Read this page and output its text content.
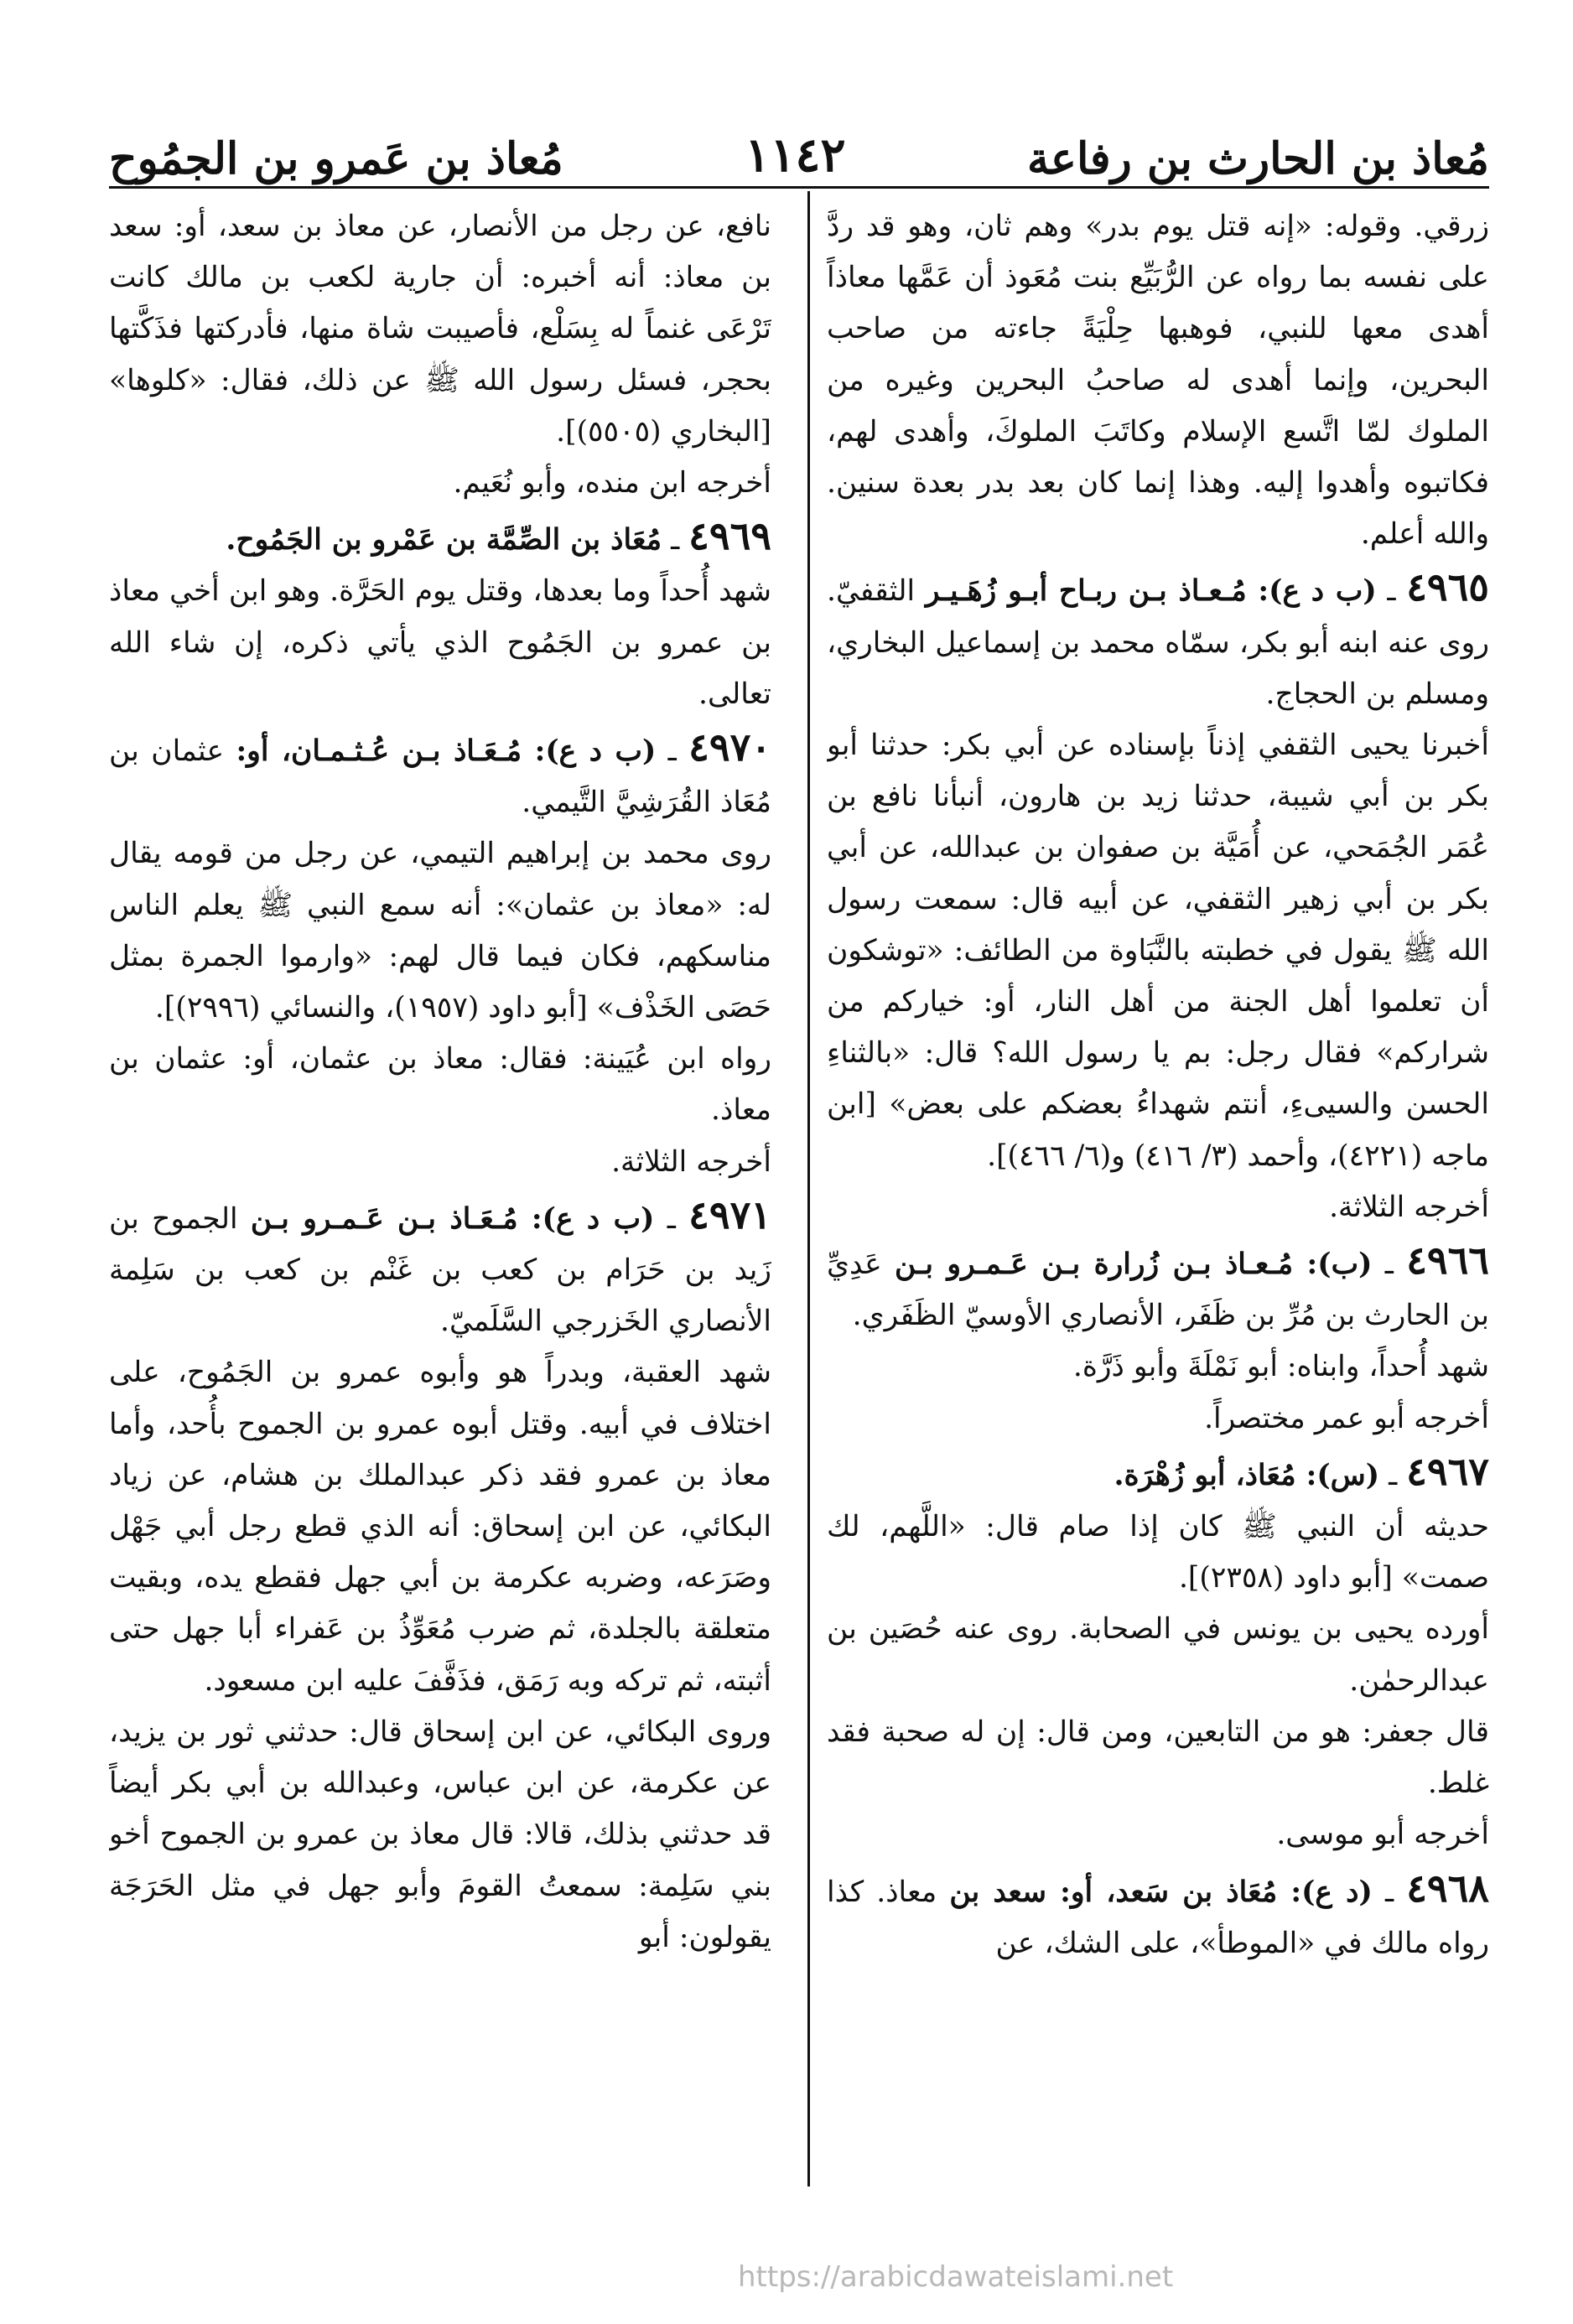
مُعاذ بن الحارث بن رفاعة
١١٤٢
مُعاذ بن عَمرو بن الجمُوح

زرقي. وقوله: «إنه قتل يوم بدر» وهم ثان، وهو قد ردَّ على نفسه بما رواه عن الرُّبَيِّع بنت مُعَوذ أن عَمَّها معاذاً أهدى معها للنبي، فوهبها حِلْيَةً جاءته من صاحب البحرين، وإنما أهدى له صاحبُ البحرين وغيره من الملوك لمّا اتَّسع الإسلام وكاتَبَ الملوكَ، وأهدى لهم، فكاتبوه وأهدوا إليه. وهذا إنما كان بعد بدر بعدة سنين. والله أعلم.

٤٩٦٥ ـ (ب د ع): مُـعـاذ بـن ربـاح أبـو زُهَـيـر الثقفيّ. روى عنه ابنه أبو بكر، سمّاه محمد بن إسماعيل البخاري، ومسلم بن الحجاج.

أخبرنا يحيى الثقفي إذناً بإسناده عن أبي بكر: حدثنا أبو بكر بن أبي شيبة، حدثنا زيد بن هارون، أنبأنا نافع بن عُمَر الجُمَحي، عن أُمَيَّة بن صفوان بن عبدالله، عن أبي بكر بن أبي زهير الثقفي، عن أبيه قال: سمعت رسول الله ﷺ يقول في خطبته بالنَّبَاوة من الطائف: «توشكون أن تعلموا أهل الجنة من أهل النار، أو: خياركم من شراركم» فقال رجل: بم يا رسول الله؟ قال: «بالثناءِ الحسن والسيىءِ، أنتم شهداءُ بعضكم على بعض» [ابن ماجه (٤٢٢١)، وأحمد (٣/ ٤١٦) و(٦/ ٤٦٦)].

أخرجه الثلاثة.

٤٩٦٦ ـ (ب): مُـعـاذ بـن زُرارة بـن عَـمـرو بـن عَدِيِّ بن الحارث بن مُرِّ بن ظَفَر، الأنصاري الأوسيّ الظَفَري.

شهد أُحداً، وابناه: أبو نَمْلَةَ وأبو ذَرَّة.

أخرجه أبو عمر مختصراً.

٤٩٦٧ ـ (س): مُعَاذ، أبو زُهْرَة.

حديثه أن النبي ﷺ كان إذا صام قال: «اللَّهم، لك صمت» [أبو داود (٢٣٥٨)].

أورده يحيى بن يونس في الصحابة. روى عنه حُصَين بن عبدالرحمٰن.

قال جعفر: هو من التابعين، ومن قال: إن له صحبة فقد غلط.

أخرجه أبو موسى.

٤٩٦٨ ـ (د ع): مُعَاذ بن سَعد، أو: سعد بن معاذ. كذا رواه مالك في «الموطأ»، على الشك، عن

نافع، عن رجل من الأنصار، عن معاذ بن سعد، أو: سعد بن معاذ: أنه أخبره: أن جارية لكعب بن مالك كانت تَرْعَى غنماً له بِسَلْع، فأصيبت شاة منها، فأدركتها فذَكَّتها بحجر، فسئل رسول الله ﷺ عن ذلك، فقال: «كلوها» [البخاري (٥٥٠٥)].

أخرجه ابن منده، وأبو نُعَيم.

٤٩٦٩ ـ مُعَاذ بن الصِّمَّة بن عَمْرو بن الجَمُوح.

شهد أُحداً وما بعدها، وقتل يوم الحَرَّة. وهو ابن أخي معاذ بن عمرو بن الجَمُوح الذي يأتي ذكره، إن شاء الله تعالى.

٤٩٧٠ ـ (ب د ع): مُـعَـاذ بـن عُـثـمـان، أو: عثمان بن مُعَاذ القُرَشِيَّ التَّيمي.

روى محمد بن إبراهيم التيمي، عن رجل من قومه يقال له: «معاذ بن عثمان»: أنه سمع النبي ﷺ يعلم الناس مناسكهم، فكان فيما قال لهم: «وارموا الجمرة بمثل حَصَى الخَذْف» [أبو داود (١٩٥٧)، والنسائي (٢٩٩٦)].

رواه ابن عُيَينة: فقال: معاذ بن عثمان، أو: عثمان بن معاذ.

أخرجه الثلاثة.

٤٩٧١ ـ (ب د ع): مُـعَـاذ بـن عَـمـرو بـن الجموح بن زَيد بن حَرَام بن كعب بن غَنْم بن كعب بن سَلِمة الأنصاري الخَزرجي السَّلَميّ.

شهد العقبة، وبدراً هو وأبوه عمرو بن الجَمُوح، على اختلاف في أبيه. وقتل أبوه عمرو بن الجموح بأُحد، وأما معاذ بن عمرو فقد ذكر عبدالملك بن هشام، عن زياد البكائي، عن ابن إسحاق: أنه الذي قطع رجل أبي جَهْل وصَرَعه، وضربه عكرمة بن أبي جهل فقطع يده، وبقيت متعلقة بالجلدة، ثم ضرب مُعَوِّذُ بن عَفراء أبا جهل حتى أثبته، ثم تركه وبه رَمَق، فذَفَّفَ عليه ابن مسعود.

وروى البكائي، عن ابن إسحاق قال: حدثني ثور بن يزيد، عن عكرمة، عن ابن عباس، وعبدالله بن أبي بكر أيضاً قد حدثني بذلك، قالا: قال معاذ بن عمرو بن الجموح أخو بني سَلِمة: سمعتُ القومَ وأبو جهل في مثل الحَرَجَة يقولون: أبو

https://arabicdawateislami.net
